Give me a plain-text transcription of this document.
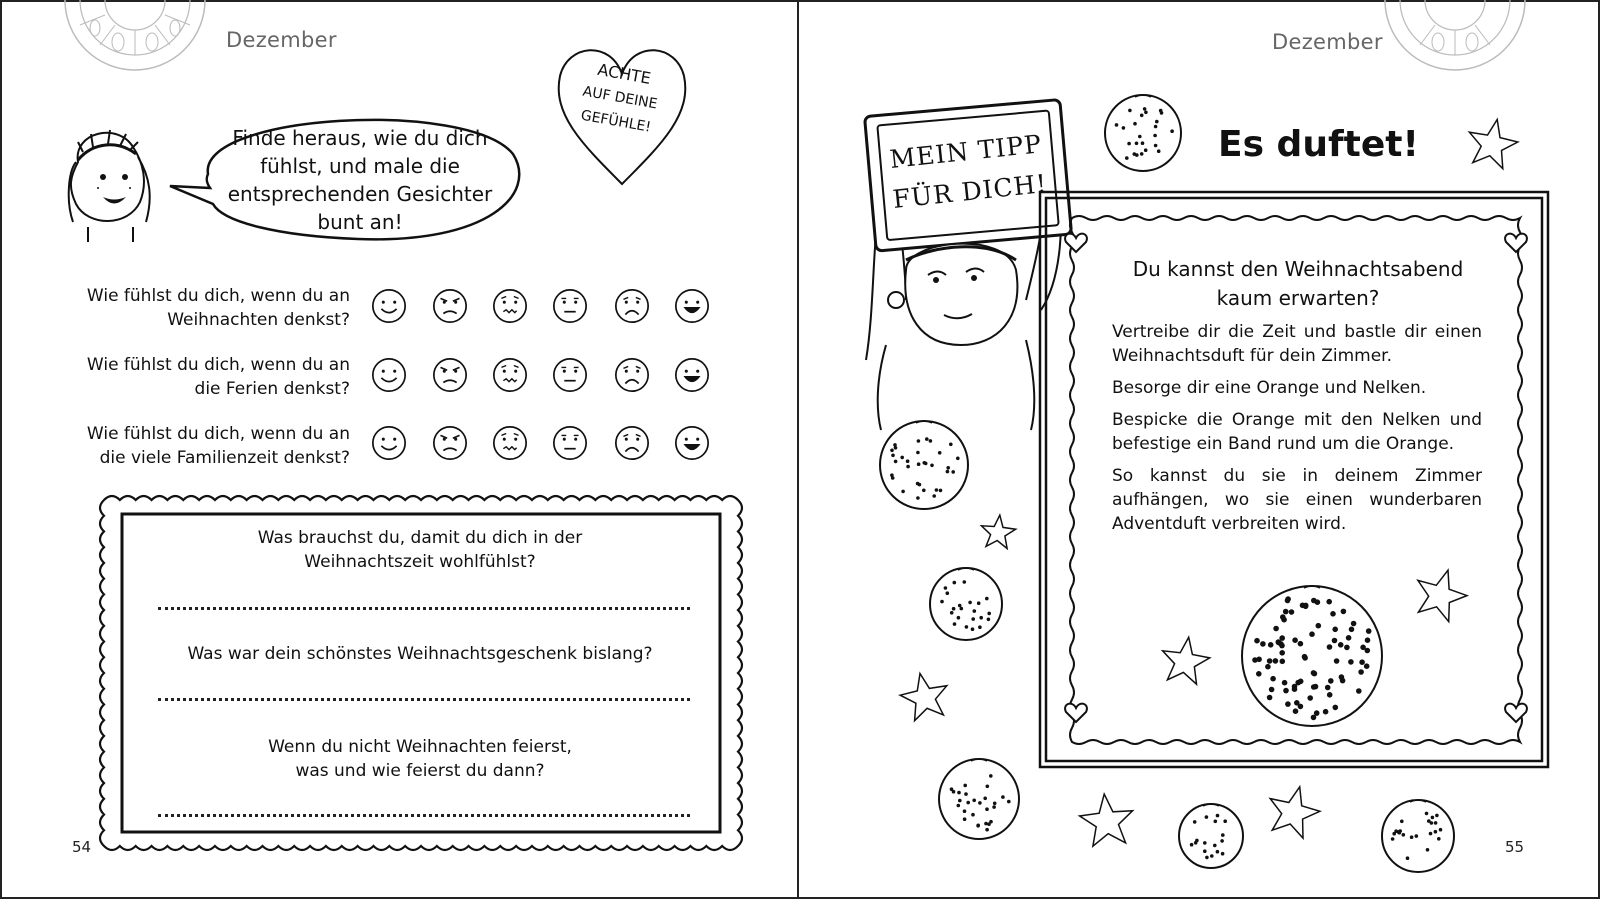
Dezember
Finde heraus, wie du dich fühlst, und male die entsprechenden Gesichter bunt an!
ACHTE
AUF DEINE
GEFÜHLE!
Wie fühlst du dich, wenn du an
Weihnachten denkst?
Wie fühlst du dich, wenn du an
die Ferien denkst?
Wie fühlst du dich, wenn du an
die viele Familienzeit denkst?
Was brauchst du, damit du dich in der
Weihnachtszeit wohlfühlst?
Was war dein schönstes Weihnachtsgeschenk bislang?
Wenn du nicht Weihnachten feierst,
was und wie feierst du dann?
54
Dezember
MEIN TIPP
FÜR DICH!
Es duftet!
Du kannst den Weihnachtsabend
kaum erwarten?

Vertreibe dir die Zeit und bastle dir einen Weihnachtsduft für dein Zimmer.

Besorge dir eine Orange und Nelken.

Bespicke die Orange mit den Nelken und befestige ein Band rund um die Orange.

So kannst du sie in deinem Zimmer aufhängen, wo sie einen wunderbaren Adventduft verbreiten wird.

55
